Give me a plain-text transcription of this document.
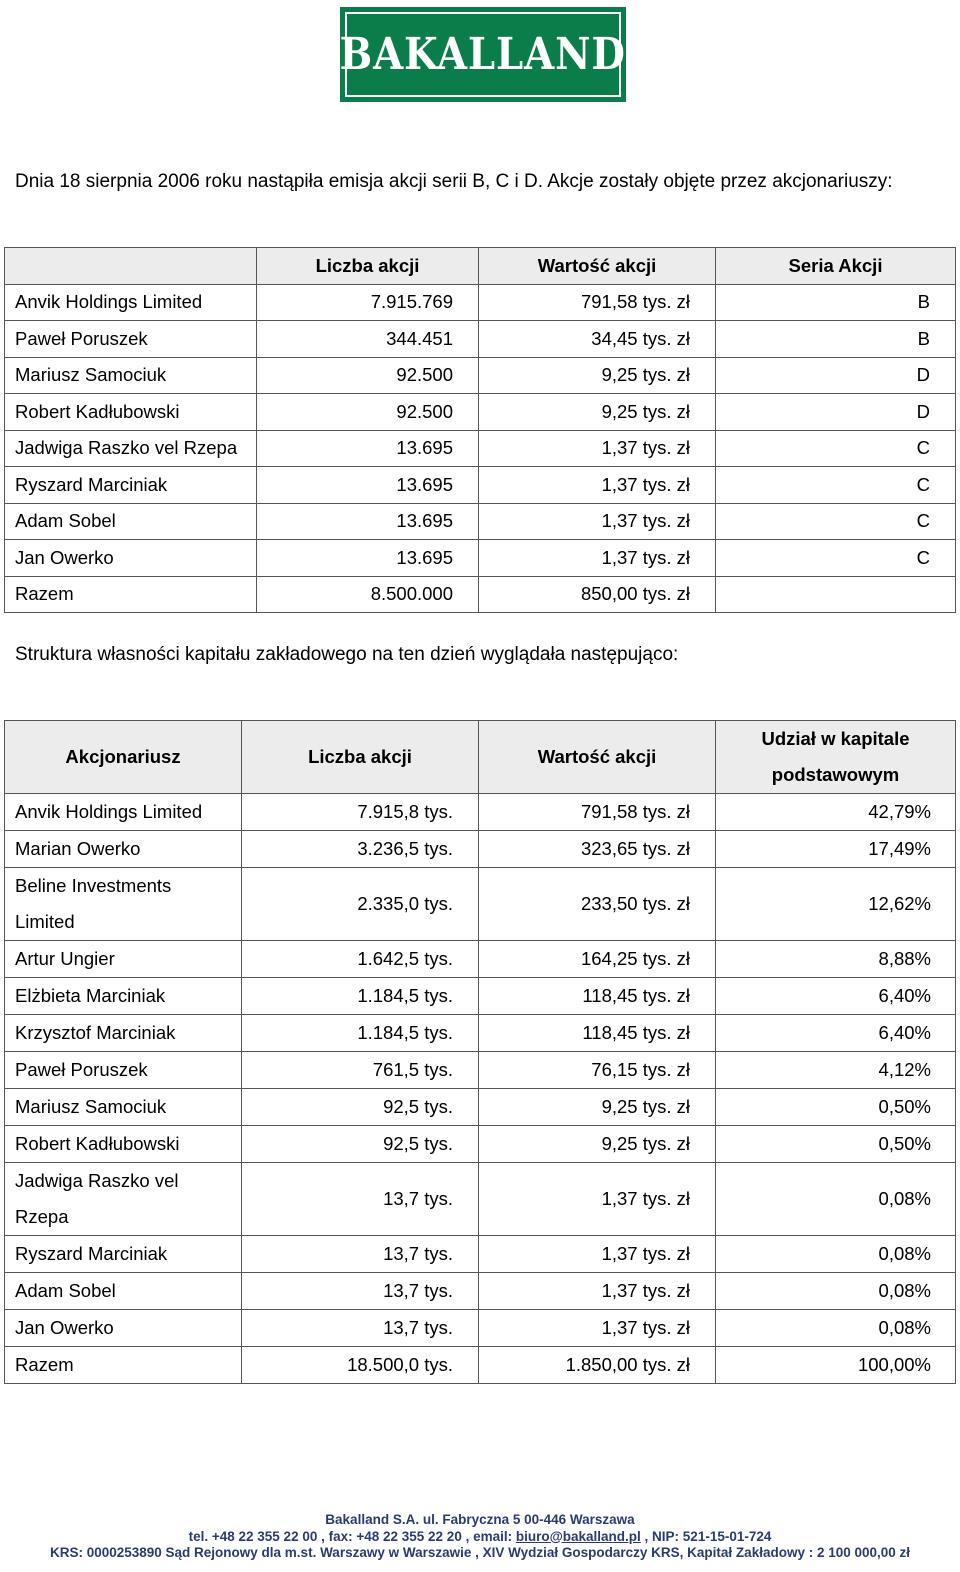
BAKALLAND
Dnia 18 sierpnia 2006 roku nastąpiła emisja akcji serii B, C i D. Akcje zostały objęte przez akcjonariuszy:
	Liczba akcji	Wartość akcji	Seria Akcji
Anvik Holdings Limited	7.915.769	791,58 tys. zł	B
Paweł Poruszek	344.451	34,45 tys. zł	B
Mariusz Samociuk	92.500	9,25 tys. zł	D
Robert Kadłubowski	92.500	9,25 tys. zł	D
Jadwiga Raszko vel Rzepa	13.695	1,37 tys. zł	C
Ryszard Marciniak	13.695	1,37 tys. zł	C
Adam Sobel	13.695	1,37 tys. zł	C
Jan Owerko	13.695	1,37 tys. zł	C
Razem	8.500.000	850,00 tys. zł	
Struktura własności kapitału zakładowego na ten dzień wyglądała następująco:
Akcjonariusz	Liczba akcji	Wartość akcji	Udział w kapitale podstawowym
Anvik Holdings Limited	7.915,8 tys.	791,58 tys. zł	42,79%
Marian Owerko	3.236,5 tys.	323,65 tys. zł	17,49%
Beline Investments Limited	2.335,0 tys.	233,50 tys. zł	12,62%
Artur Ungier	1.642,5 tys.	164,25 tys. zł	8,88%
Elżbieta Marciniak	1.184,5 tys.	118,45 tys. zł	6,40%
Krzysztof Marciniak	1.184,5 tys.	118,45 tys. zł	6,40%
Paweł Poruszek	761,5 tys.	76,15 tys. zł	4,12%
Mariusz Samociuk	92,5 tys.	9,25 tys. zł	0,50%
Robert Kadłubowski	92,5 tys.	9,25 tys. zł	0,50%
Jadwiga Raszko vel Rzepa	13,7 tys.	1,37 tys. zł	0,08%
Ryszard Marciniak	13,7 tys.	1,37 tys. zł	0,08%
Adam Sobel	13,7 tys.	1,37 tys. zł	0,08%
Jan Owerko	13,7 tys.	1,37 tys. zł	0,08%
Razem	18.500,0 tys.	1.850,00 tys. zł	100,00%
Bakalland S.A. ul. Fabryczna 5 00-446 Warszawa
tel. +48 22 355 22 00 , fax: +48 22 355 22 20 , email: biuro@bakalland.pl , NIP: 521-15-01-724
KRS: 0000253890 Sąd Rejonowy dla m.st. Warszawy w Warszawie , XIV Wydział Gospodarczy KRS, Kapitał Zakładowy : 2 100 000,00 zł
